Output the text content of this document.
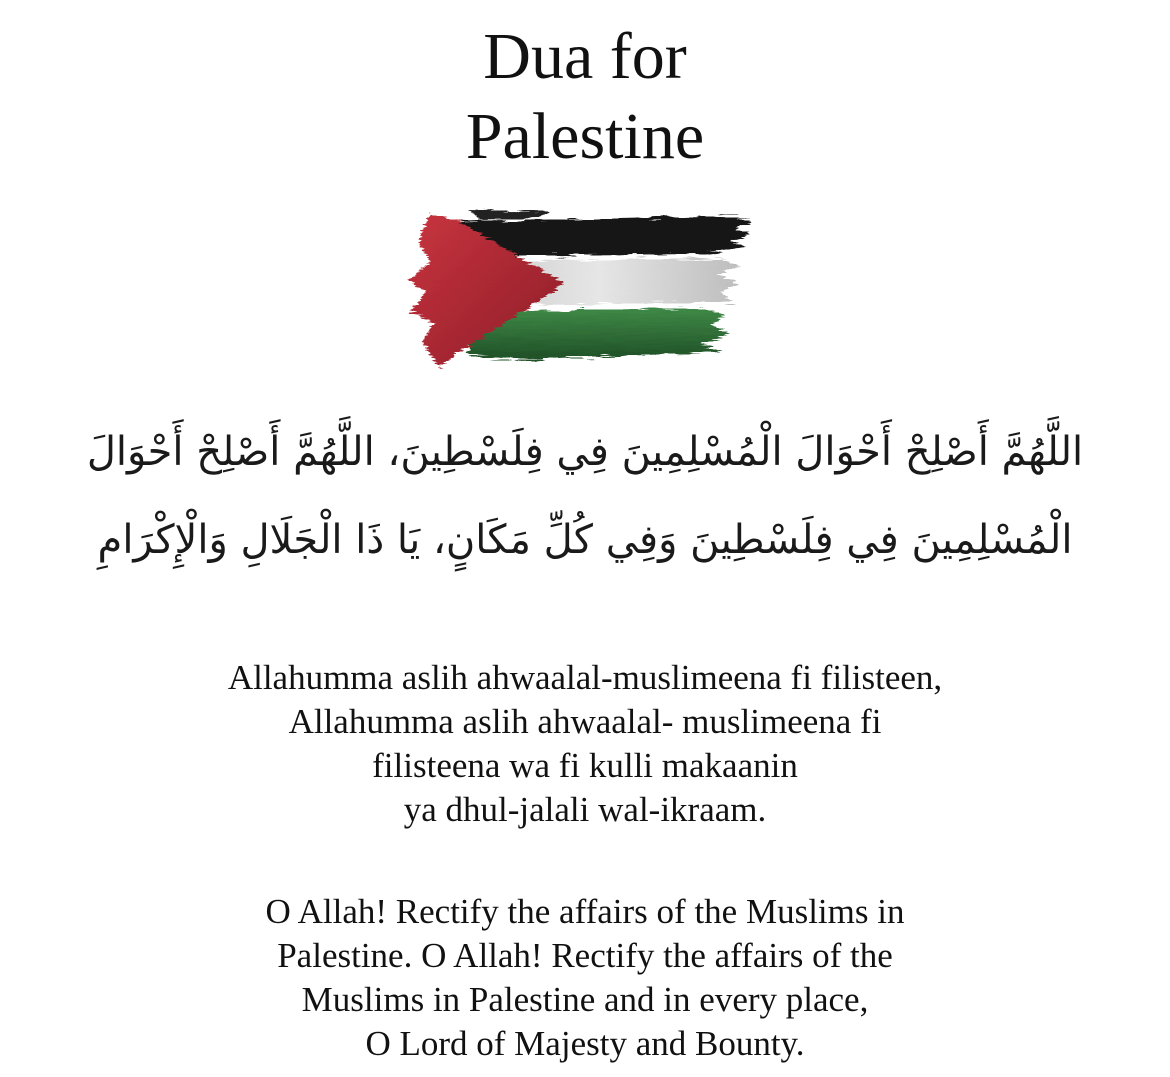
Dua for
Palestine
اللَّهُمَّ أَصْلِحْ أَحْوَالَ الْمُسْلِمِينَ فِي فِلَسْطِينَ، اللَّهُمَّ أَصْلِحْ أَحْوَالَ
الْمُسْلِمِينَ فِي فِلَسْطِينَ وَفِي كُلِّ مَكَانٍ، يَا ذَا الْجَلَالِ وَالْإِكْرَامِ
Allahumma aslih ahwaalal-muslimeena fi filisteen,
Allahumma aslih ahwaalal- muslimeena fi
filisteena wa fi kulli makaanin
ya dhul-jalali wal-ikraam.
O Allah! Rectify the affairs of the Muslims in
Palestine. O Allah! Rectify the affairs of the
Muslims in Palestine and in every place,
O Lord of Majesty and Bounty.
